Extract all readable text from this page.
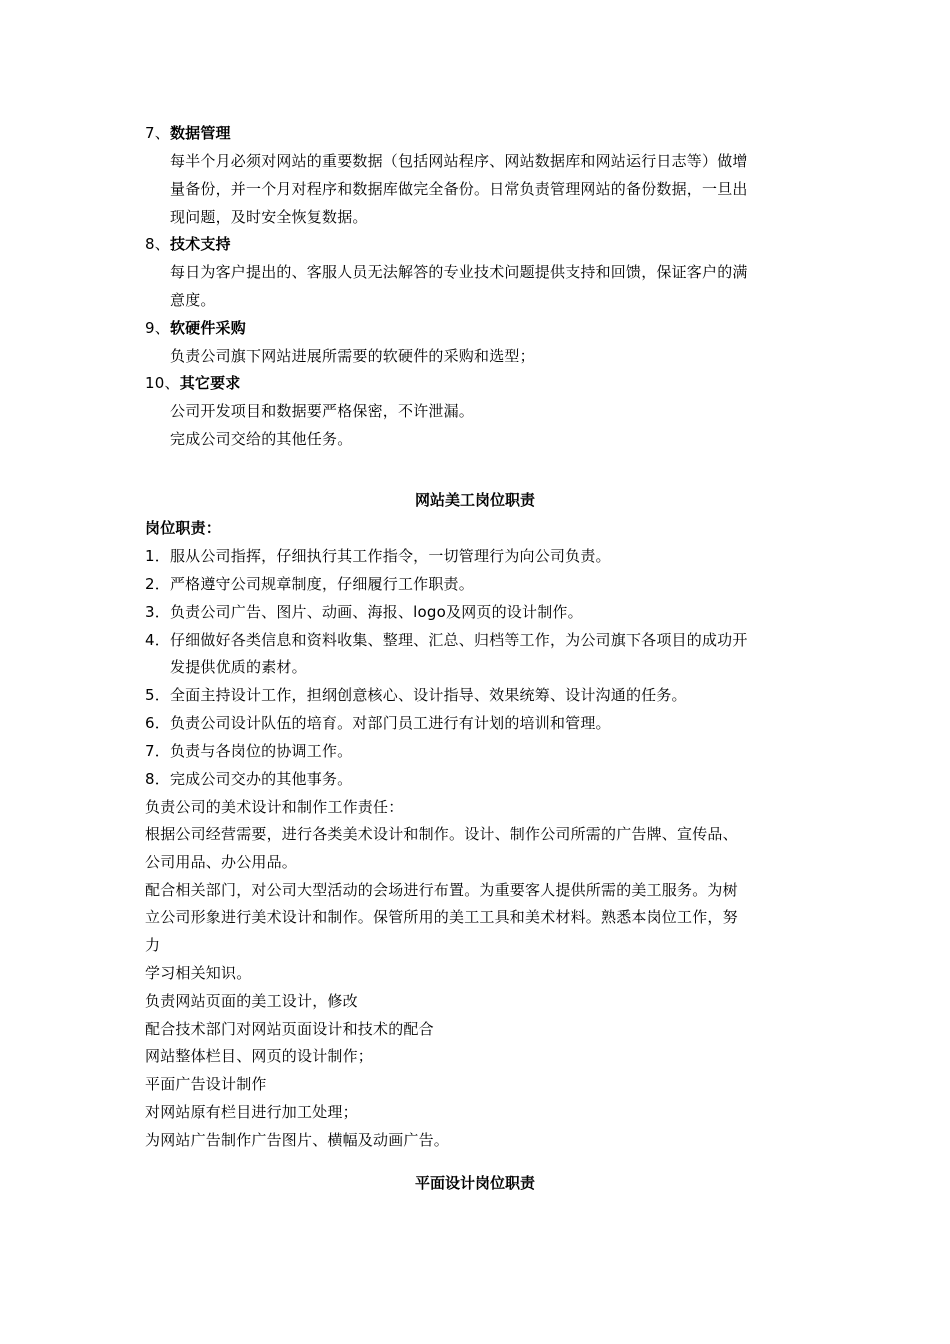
7、数据管理
每半个月必须对网站的重要数据（包括网站程序、网站数据库和网站运行日志等）做增
量备份，并一个月对程序和数据库做完全备份。日常负责管理网站的备份数据，一旦出
现问题，及时安全恢复数据。
8、技术支持
每日为客户提出的、客服人员无法解答的专业技术问题提供支持和回馈，保证客户的满
意度。
9、软硬件采购
负责公司旗下网站进展所需要的软硬件的采购和选型；
10、其它要求
公司开发项目和数据要严格保密，不许泄漏。
完成公司交给的其他任务。
网站美工岗位职责
岗位职责：
1．服从公司指挥，仔细执行其工作指令，一切管理行为向公司负责。
2．严格遵守公司规章制度，仔细履行工作职责。
3．负责公司广告、图片、动画、海报、logo及网页的设计制作。
4．仔细做好各类信息和资料收集、整理、汇总、归档等工作，为公司旗下各项目的成功开
发提供优质的素材。
5．全面主持设计工作，担纲创意核心、设计指导、效果统筹、设计沟通的任务。
6．负责公司设计队伍的培育。对部门员工进行有计划的培训和管理。
7．负责与各岗位的协调工作。
8．完成公司交办的其他事务。
负责公司的美术设计和制作工作责任：
根据公司经营需要，进行各类美术设计和制作。设计、制作公司所需的广告牌、宣传品、
公司用品、办公用品。
配合相关部门，对公司大型活动的会场进行布置。为重要客人提供所需的美工服务。为树
立公司形象进行美术设计和制作。保管所用的美工工具和美术材料。熟悉本岗位工作，努
力
学习相关知识。
负责网站页面的美工设计，修改
配合技术部门对网站页面设计和技术的配合
网站整体栏目、网页的设计制作；
平面广告设计制作
对网站原有栏目进行加工处理；
为网站广告制作广告图片、横幅及动画广告。
平面设计岗位职责
